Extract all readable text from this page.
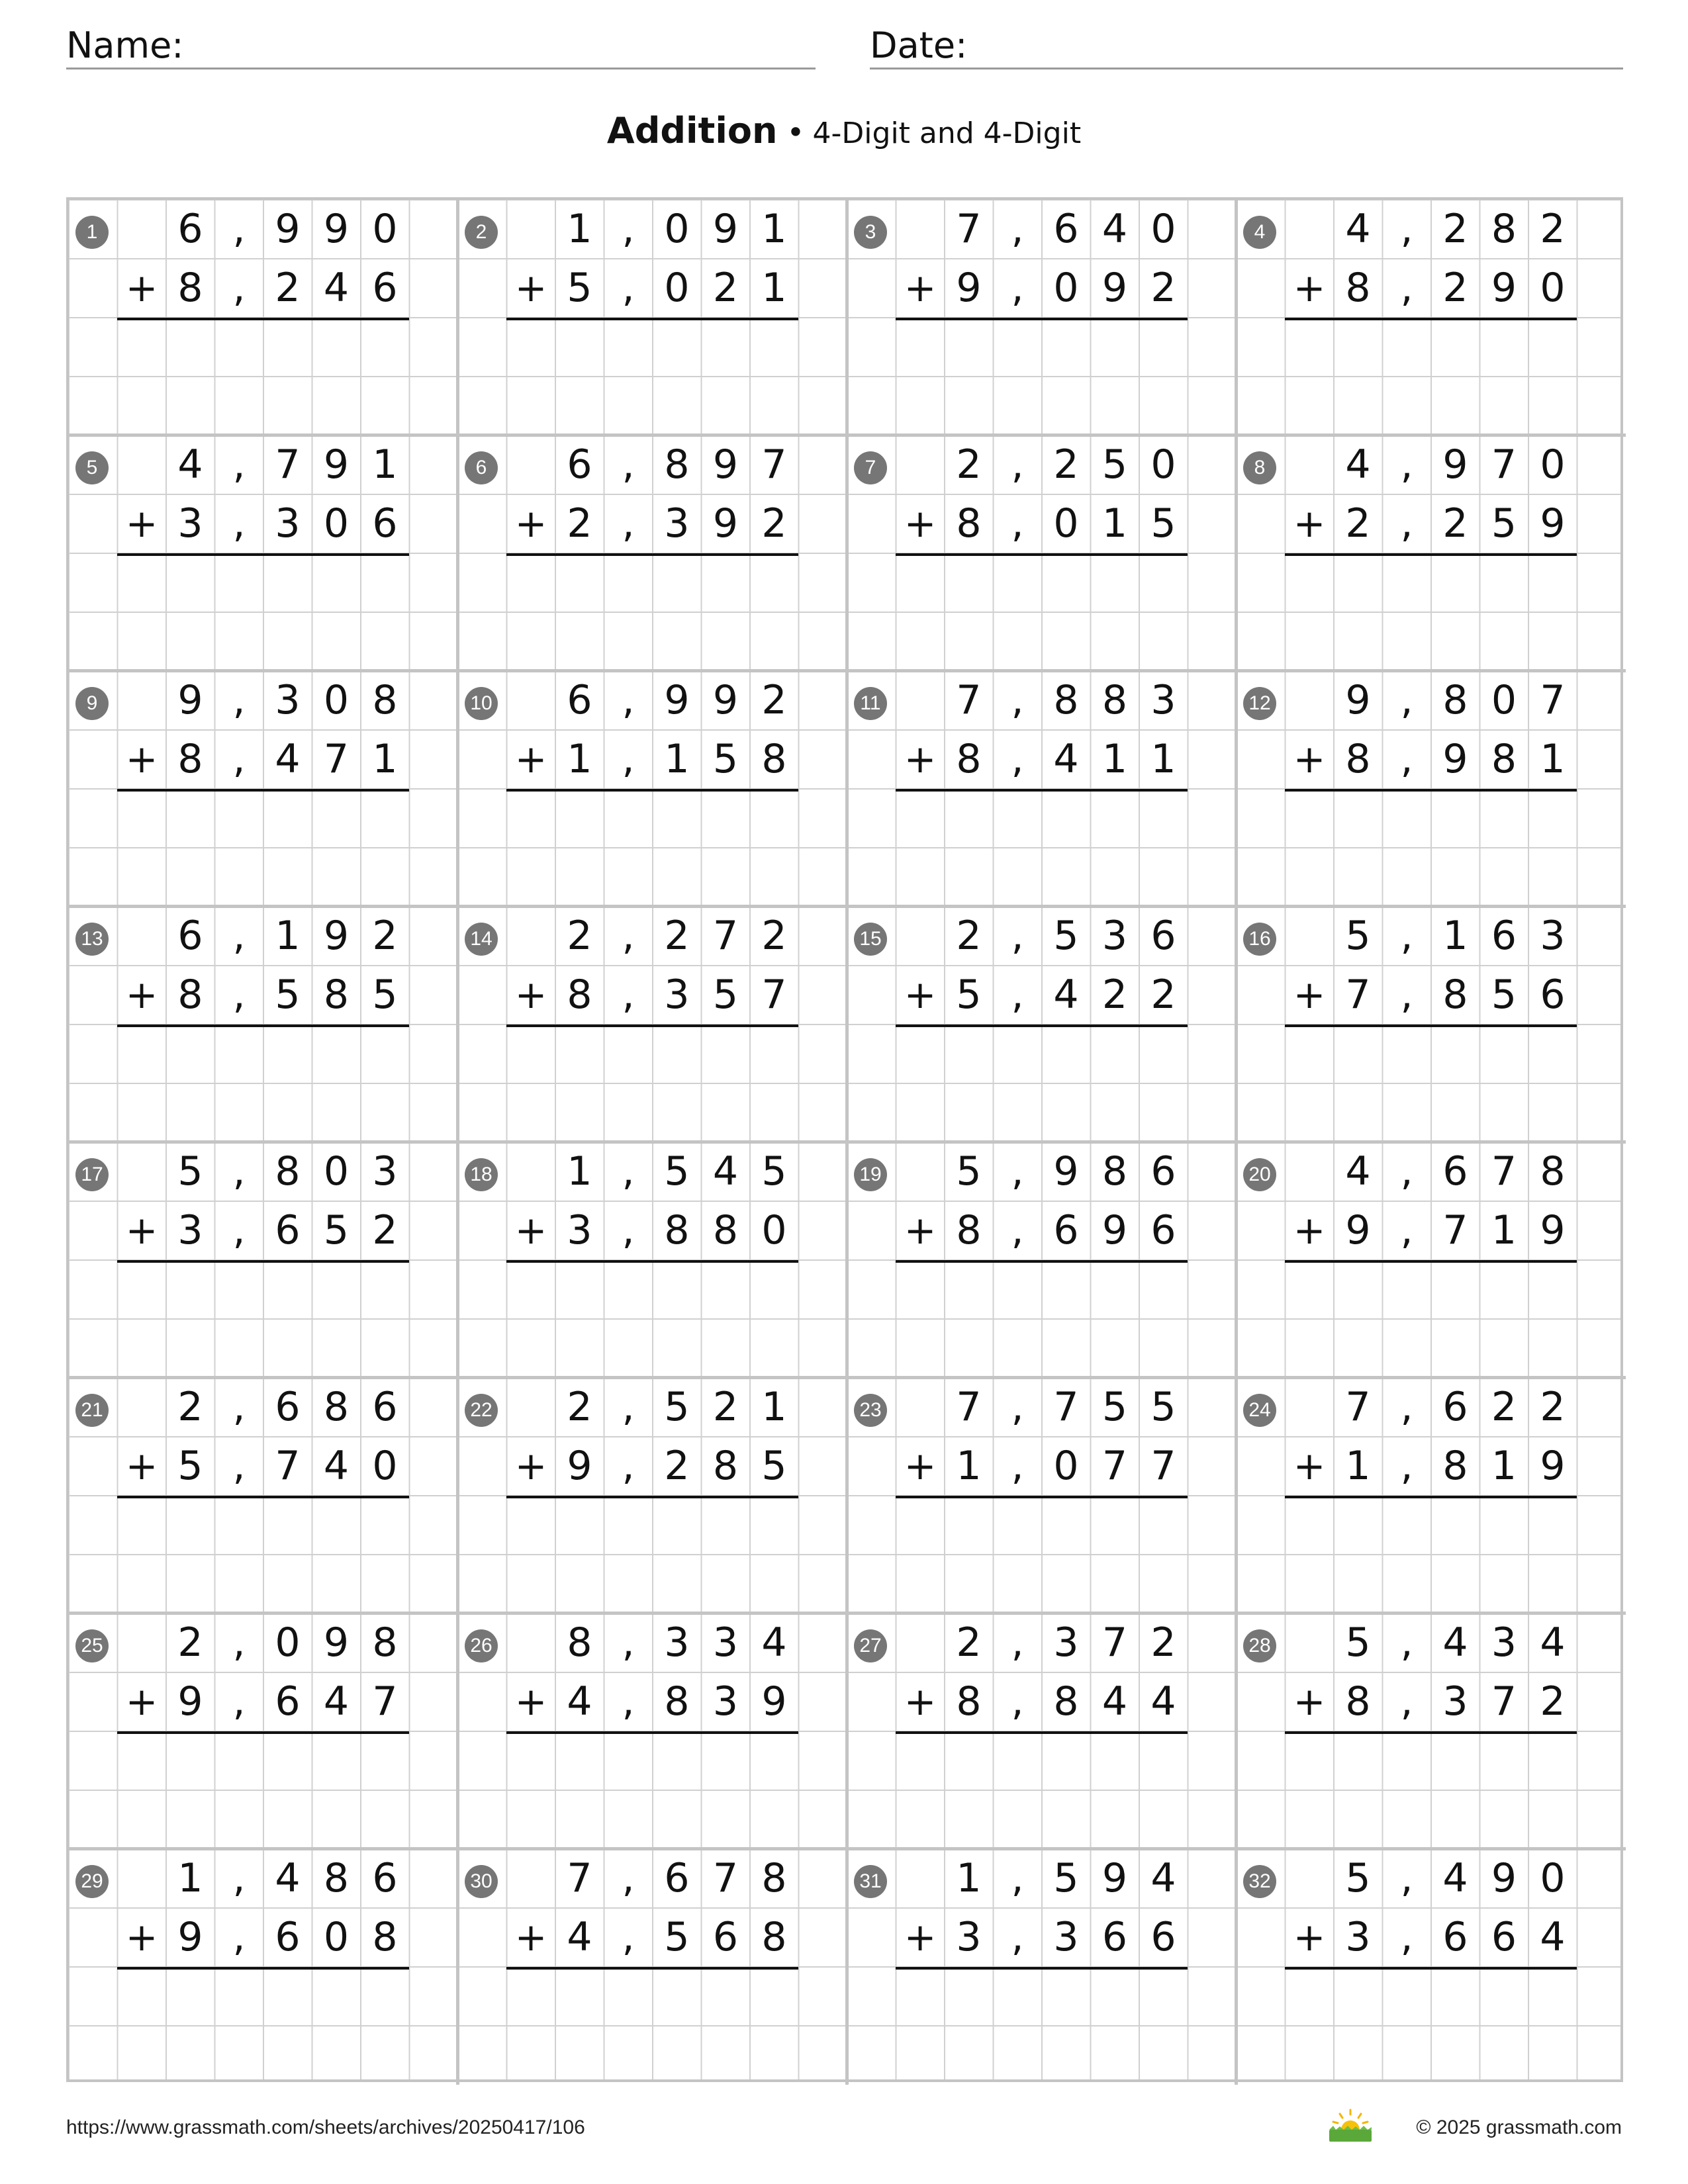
Name:	Date:
Addition • 4-Digit and 4-Digit
1 6 , 9 9 0
8 , 2 4 6
+
2 1 , 0 9 1
5 , 0 2 1
+
3 7 , 6 4 0
9 , 0 9 2
+
4 4 , 2 8 2
8 , 2 9 0
+
5 4 , 7 9 1
3 , 3 0 6
+
6 6 , 8 9 7
2 , 3 9 2
+
7 2 , 2 5 0
8 , 0 1 5
+
8 4 , 9 7 0
2 , 2 5 9
+
9 9 , 3 0 8
8 , 4 7 1
+
10 6 , 9 9 2
1 , 1 5 8
+
11 7 , 8 8 3
8 , 4 1 1
+
12 9 , 8 0 7
8 , 9 8 1
+
13 6 , 1 9 2
8 , 5 8 5
+
14 2 , 2 7 2
8 , 3 5 7
+
15 2 , 5 3 6
5 , 4 2 2
+
16 5 , 1 6 3
7 , 8 5 6
+
17 5 , 8 0 3
3 , 6 5 2
+
18 1 , 5 4 5
3 , 8 8 0
+
19 5 , 9 8 6
8 , 6 9 6
+
20 4 , 6 7 8
9 , 7 1 9
+
21 2 , 6 8 6
5 , 7 4 0
+
22 2 , 5 2 1
9 , 2 8 5
+
23 7 , 7 5 5
1 , 0 7 7
+
24 7 , 6 2 2
1 , 8 1 9
+
25 2 , 0 9 8
9 , 6 4 7
+
26 8 , 3 3 4
4 , 8 3 9
+
27 2 , 3 7 2
8 , 8 4 4
+
28 5 , 4 3 4
8 , 3 7 2
+
29 1 , 4 8 6
9 , 6 0 8
+
30 7 , 6 7 8
4 , 5 6 8
+
31 1 , 5 9 4
3 , 3 6 6
+
32 5 , 4 9 0
3 , 6 6 4
+
https://www.grassmath.com/sheets/archives/20250417/106	© 2025 grassmath.com
